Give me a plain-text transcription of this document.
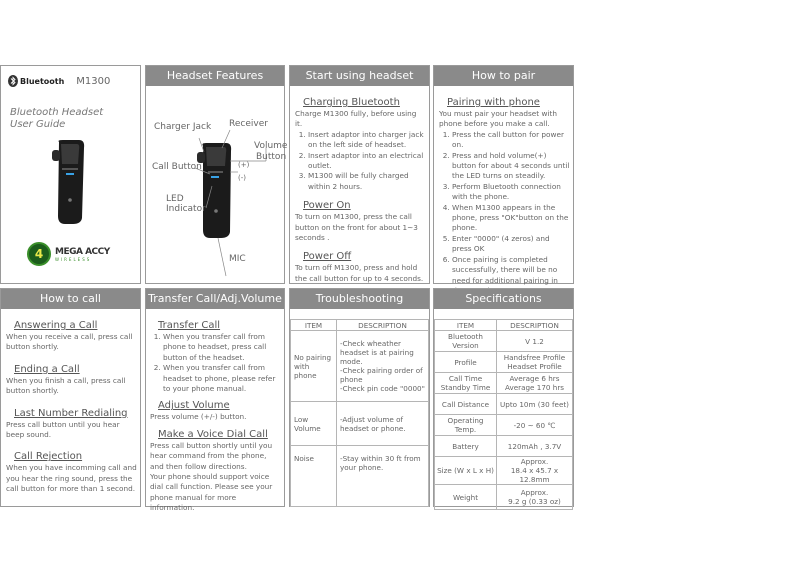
Bluetooth M1300
Bluetooth Headset
User Guide
4	MEGA ACCY
WIRELESS
Headset Features
Charger Jack Receiver
Volume
Button
(+)
(-)
Call Button
LED
Indicator
MIC
Start using headset
Charging Bluetooth
Charge M1300 fully, before using it.
1. Insert adaptor into charger jack on the left side of headset.
2. Insert adaptor into an electrical outlet.
3. M1300 will be fully charged within 2 hours.
Power On
To turn on M1300, press the call button on the front for about 1~3 seconds .
Power Off
To turn off M1300, press and hold the call button for up to 4 seconds.
How to pair
Pairing with phone
You must pair your headset with phone before you make a call.
1. Press the call button for power on.
2. Press and hold volume(+) button for about 4 seconds until the LED turns on steadily.
3. Perform Bluetooth connection with the phone.
4. When M1300 appears in the phone, press "OK"button on the phone.
5. Enter "0000" (4 zeros) and press OK
6. Once pairing is completed successfully, there will be no need for additional pairing in
How to call
Answering a Call
When you receive a call, press call button shortly.
Ending a Call
When you finish a call, press call button shortly.
Last Number Redialing
Press call button until you hear beep sound.
Call Rejection
When you have incomming call and you hear the ring sound, press the call button for more than 1 second.
Transfer Call/Adj.Volume
Transfer Call
1. When you transfer call from phone to headset, press call button of the headset.
2. When you transfer call from headset to phone, please refer to your phone manual.
Adjust Volume
Press volume (+/-) button.
Make a Voice Dial Call
Press call button shortly until you hear command from the phone, and then follow directions.
Your phone should support voice dial call function. Please see your phone manual for more information.
Troubleshooting
ITEM	DESCRIPTION
No pairing with phone	-Check wheather headset is at pairing mode.
-Check pairing order of phone
-Check pin code "0000"

Low Volume	-Adjust volume of headset or phone.

Noise	-Stay within 30 ft from your phone.
Specifications
ITEM	DESCRIPTION
Bluetooth Version	V 1.2
Profile	Handsfree Profile
Headset Profile
Call Time
Standby Time	Average 6 hrs
Average 170 hrs
Call Distance	Upto 10m (30 feet)
Operating Temp.	-20 ~ 60 ℃
Battery	120mAh , 3.7V
Size (W x L x H)	Approx.
18.4 x 45.7 x 12.8mm
Weight	Approx.
9.2 g (0.33 oz)
